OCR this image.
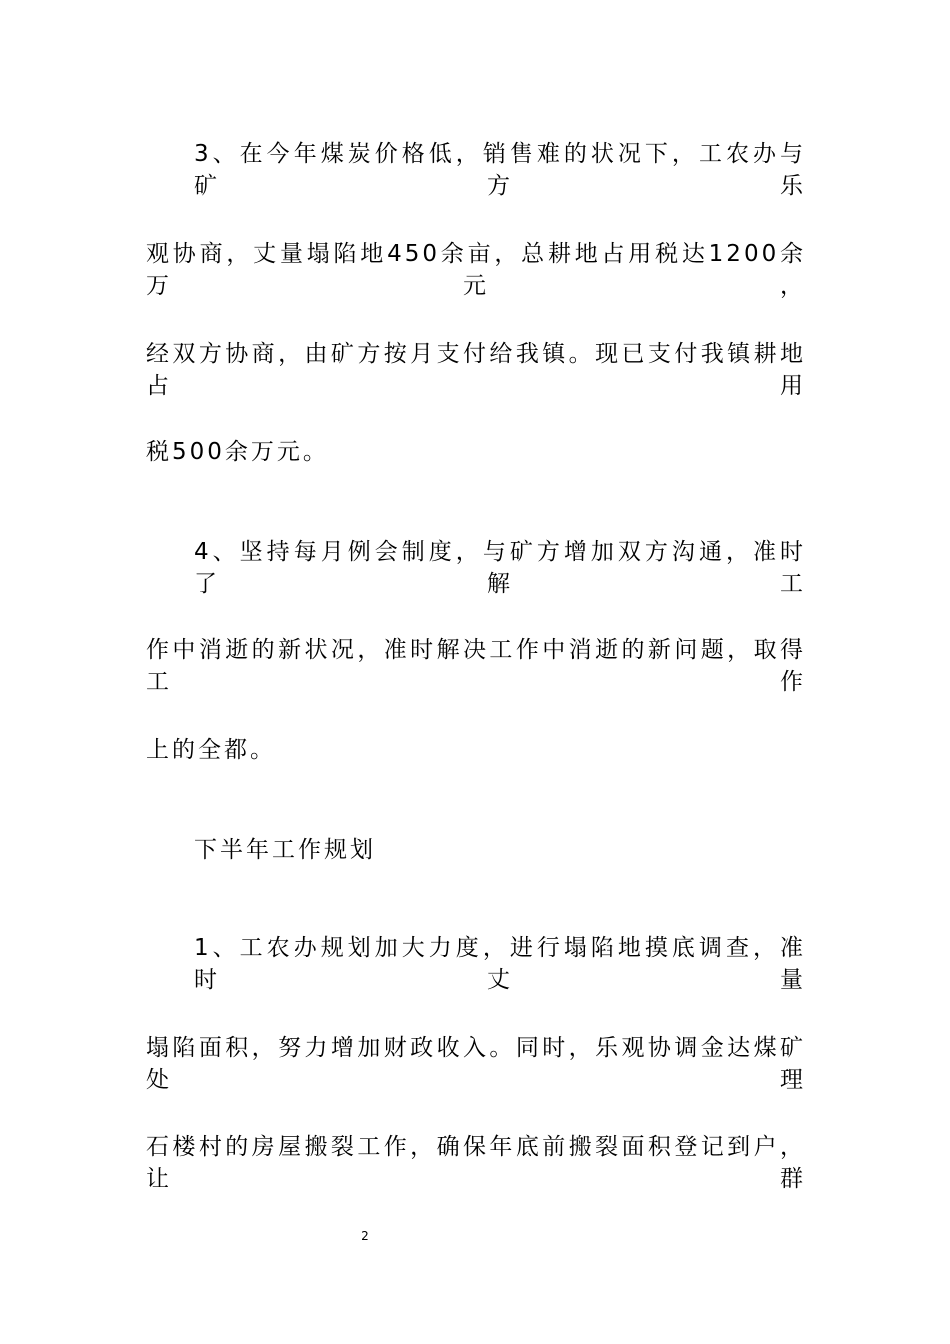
3、在今年煤炭价格低，销售难的状况下，工农办与矿方乐
观协商，丈量塌陷地450余亩，总耕地占用税达1200余万元，
经双方协商，由矿方按月支付给我镇。现已支付我镇耕地占用
税500余万元。
4、坚持每月例会制度，与矿方增加双方沟通，准时了解工
作中消逝的新状况，准时解决工作中消逝的新问题，取得工作
上的全都。
下半年工作规划
1、工农办规划加大力度，进行塌陷地摸底调查，准时丈量
塌陷面积，努力增加财政收入。同时，乐观协调金达煤矿处理
石楼村的房屋搬裂工作，确保年底前搬裂面积登记到户，让群
2
